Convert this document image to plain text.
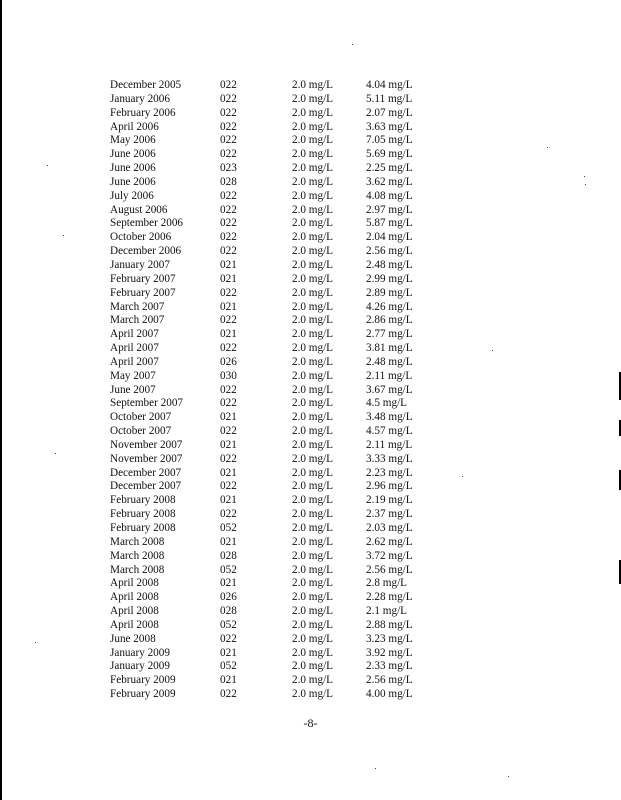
December 2005	022	2.0 mg/L	4.04 mg/L
January 2006	022	2.0 mg/L	5.11 mg/L
February 2006	022	2.0 mg/L	2.07 mg/L
April 2006	022	2.0 mg/L	3.63 mg/L
May 2006	022	2.0 mg/L	7.05 mg/L
June 2006	022	2.0 mg/L	5.69 mg/L
June 2006	023	2.0 mg/L	2.25 mg/L
June 2006	028	2.0 mg/L	3.62 mg/L
July 2006	022	2.0 mg/L	4.08 mg/L
August 2006	022	2.0 mg/L	2.97 mg/L
September 2006	022	2.0 mg/L	5.87 mg/L
October 2006	022	2.0 mg/L	2.04 mg/L
December 2006	022	2.0 mg/L	2.56 mg/L
January 2007	021	2.0 mg/L	2.48 mg/L
February 2007	021	2.0 mg/L	2.99 mg/L
February 2007	022	2.0 mg/L	2.89 mg/L
March 2007	021	2.0 mg/L	4.26 mg/L
March 2007	022	2.0 mg/L	2.86 mg/L
April 2007	021	2.0 mg/L	2.77 mg/L
April 2007	022	2.0 mg/L	3.81 mg/L
April 2007	026	2.0 mg/L	2.48 mg/L
May 2007	030	2.0 mg/L	2.11 mg/L
June 2007	022	2.0 mg/L	3.67 mg/L
September 2007	022	2.0 mg/L	4.5 mg/L
October 2007	021	2.0 mg/L	3.48 mg/L
October 2007	022	2.0 mg/L	4.57 mg/L
November 2007	021	2.0 mg/L	2.11 mg/L
November 2007	022	2.0 mg/L	3.33 mg/L
December 2007	021	2.0 mg/L	2.23 mg/L
December 2007	022	2.0 mg/L	2.96 mg/L
February 2008	021	2.0 mg/L	2.19 mg/L
February 2008	022	2.0 mg/L	2.37 mg/L
February 2008	052	2.0 mg/L	2.03 mg/L
March 2008	021	2.0 mg/L	2.62 mg/L
March 2008	028	2.0 mg/L	3.72 mg/L
March 2008	052	2.0 mg/L	2.56 mg/L
April 2008	021	2.0 mg/L	2.8 mg/L
April 2008	026	2.0 mg/L	2.28 mg/L
April 2008	028	2.0 mg/L	2.1 mg/L
April 2008	052	2.0 mg/L	2.88 mg/L
June 2008	022	2.0 mg/L	3.23 mg/L
January 2009	021	2.0 mg/L	3.92 mg/L
January 2009	052	2.0 mg/L	2.33 mg/L
February 2009	021	2.0 mg/L	2.56 mg/L
February 2009	022	2.0 mg/L	4.00 mg/L
-8-
